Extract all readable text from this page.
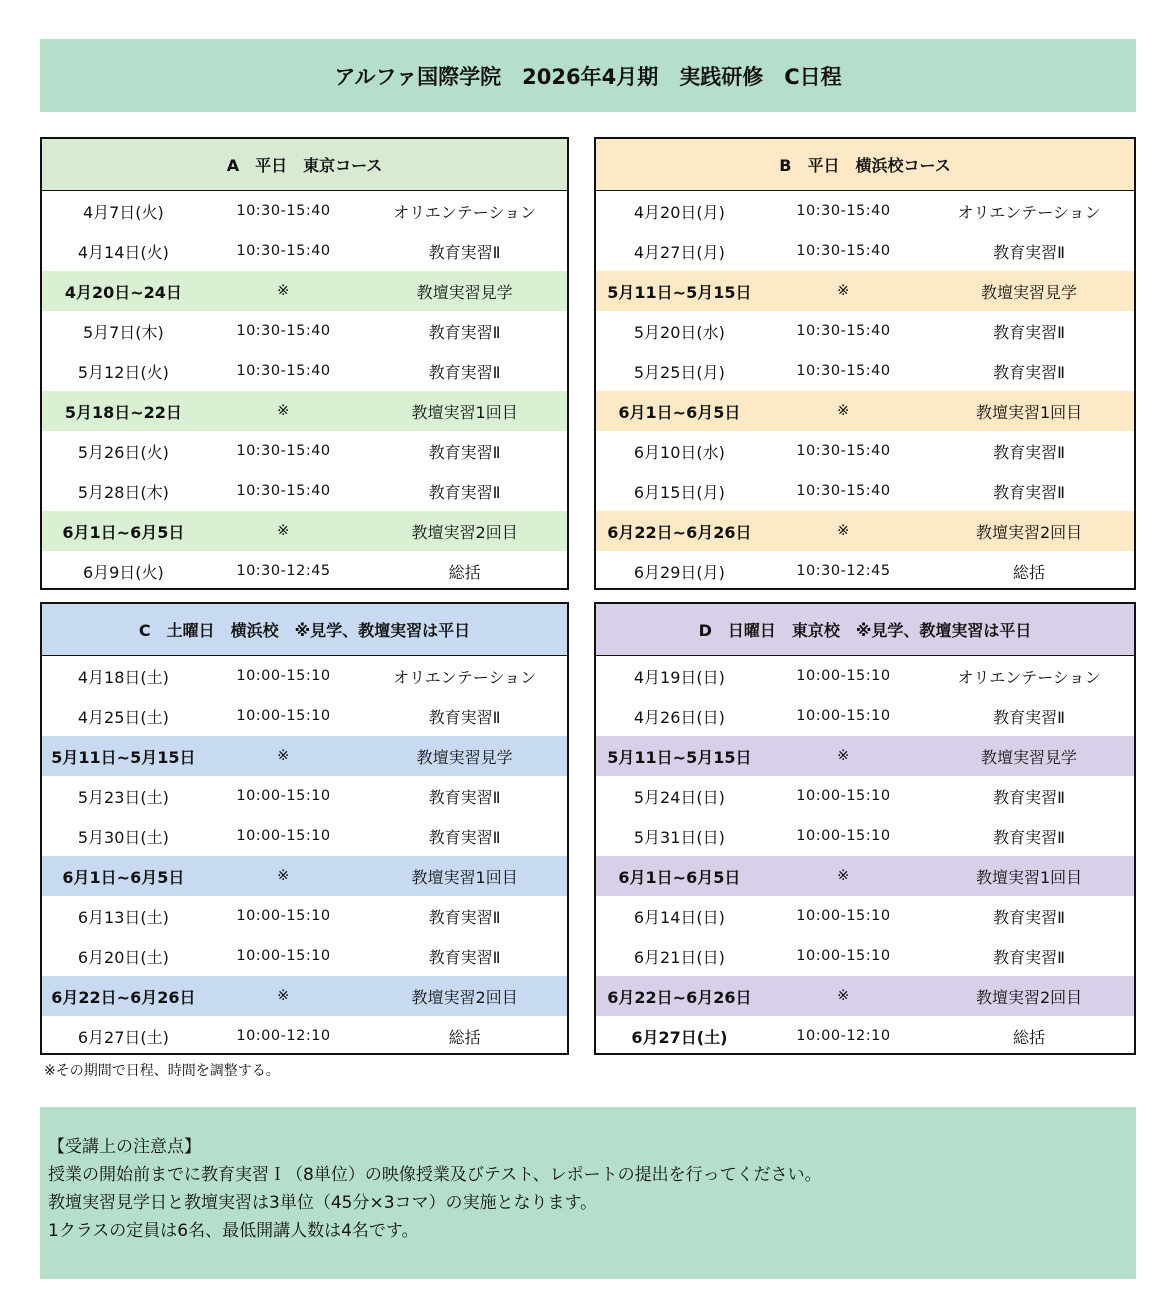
アルファ国際学院　2026年4月期　実践研修　C日程
A　平日　東京コース
4月7日(火)	10:30-15:40	オリエンテーション
4月14日(火)	10:30-15:40	教育実習Ⅱ
4月20日~24日	※	教壇実習見学
5月7日(木)	10:30-15:40	教育実習Ⅱ
5月12日(火)	10:30-15:40	教育実習Ⅱ
5月18日~22日	※	教壇実習1回目
5月26日(火)	10:30-15:40	教育実習Ⅱ
5月28日(木)	10:30-15:40	教育実習Ⅱ
6月1日~6月5日	※	教壇実習2回目
6月9日(火)	10:30-12:45	総括
B　平日　横浜校コース
4月20日(月)	10:30-15:40	オリエンテーション
4月27日(月)	10:30-15:40	教育実習Ⅱ
5月11日~5月15日	※	教壇実習見学
5月20日(水)	10:30-15:40	教育実習Ⅱ
5月25日(月)	10:30-15:40	教育実習Ⅱ
6月1日~6月5日	※	教壇実習1回目
6月10日(水)	10:30-15:40	教育実習Ⅱ
6月15日(月)	10:30-15:40	教育実習Ⅱ
6月22日~6月26日	※	教壇実習2回目
6月29日(月)	10:30-12:45	総括
C　土曜日　横浜校　※見学、教壇実習は平日
4月18日(土)	10:00-15:10	オリエンテーション
4月25日(土)	10:00-15:10	教育実習Ⅱ
5月11日~5月15日	※	教壇実習見学
5月23日(土)	10:00-15:10	教育実習Ⅱ
5月30日(土)	10:00-15:10	教育実習Ⅱ
6月1日~6月5日	※	教壇実習1回目
6月13日(土)	10:00-15:10	教育実習Ⅱ
6月20日(土)	10:00-15:10	教育実習Ⅱ
6月22日~6月26日	※	教壇実習2回目
6月27日(土)	10:00-12:10	総括
D　日曜日　東京校　※見学、教壇実習は平日
4月19日(日)	10:00-15:10	オリエンテーション
4月26日(日)	10:00-15:10	教育実習Ⅱ
5月11日~5月15日	※	教壇実習見学
5月24日(日)	10:00-15:10	教育実習Ⅱ
5月31日(日)	10:00-15:10	教育実習Ⅱ
6月1日~6月5日	※	教壇実習1回目
6月14日(日)	10:00-15:10	教育実習Ⅱ
6月21日(日)	10:00-15:10	教育実習Ⅱ
6月22日~6月26日	※	教壇実習2回目
6月27日(土)	10:00-12:10	総括
※その期間で日程、時間を調整する。
【受講上の注意点】
授業の開始前までに教育実習Ｉ（8単位）の映像授業及びテスト、レポートの提出を行ってください。
教壇実習見学日と教壇実習は3単位（45分×3コマ）の実施となります。
1クラスの定員は6名、最低開講人数は4名です。
